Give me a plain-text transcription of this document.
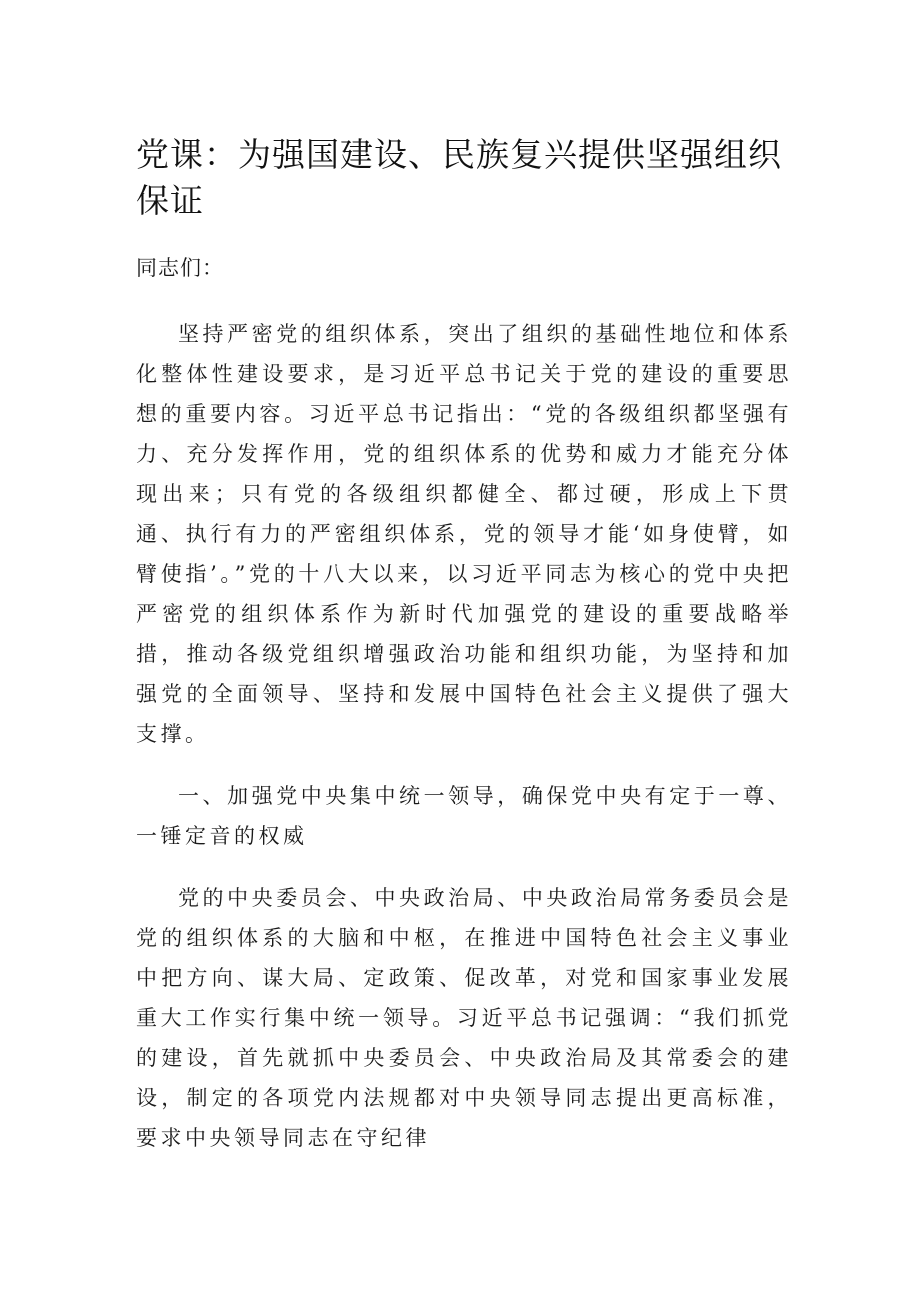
党课：为强国建设、民族复兴提供坚强组织保证

同志们：

坚持严密党的组织体系，突出了组织的基础性地位和体系化整体性建设要求，是习近平总书记关于党的建设的重要思想的重要内容。习近平总书记指出：“党的各级组织都坚强有力、充分发挥作用，党的组织体系的优势和威力才能充分体现出来；只有党的各级组织都健全、都过硬，形成上下贯通、执行有力的严密组织体系，党的领导才能‘如身使臂，如臂使指’。”党的十八大以来，以习近平同志为核心的党中央把严密党的组织体系作为新时代加强党的建设的重要战略举措，推动各级党组织增强政治功能和组织功能，为坚持和加强党的全面领导、坚持和发展中国特色社会主义提供了强大支撑。

一、加强党中央集中统一领导，确保党中央有定于一尊、一锤定音的权威

党的中央委员会、中央政治局、中央政治局常务委员会是党的组织体系的大脑和中枢，在推进中国特色社会主义事业中把方向、谋大局、定政策、促改革，对党和国家事业发展重大工作实行集中统一领导。习近平总书记强调：“我们抓党的建设，首先就抓中央委员会、中央政治局及其常委会的建设，制定的各项党内法规都对中央领导同志提出更高标准，要求中央领导同志在守纪律
